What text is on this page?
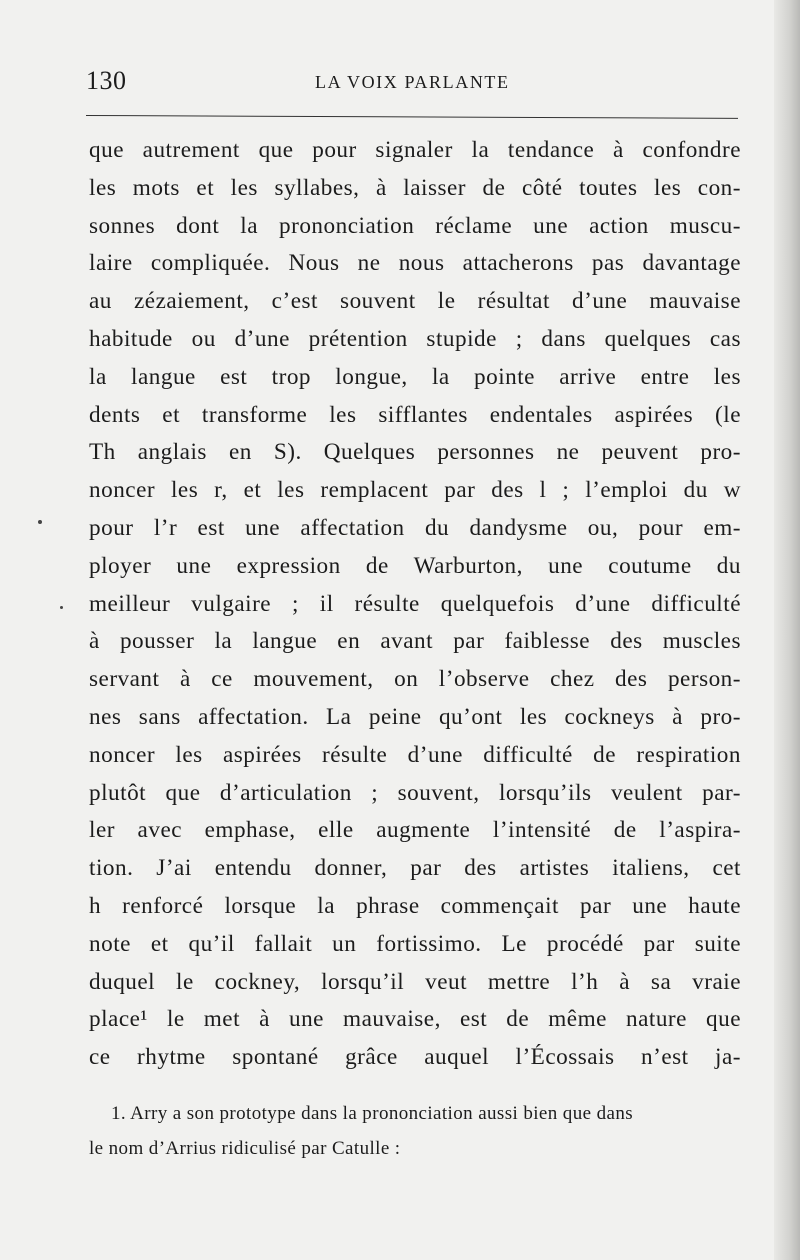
130	LA VOIX PARLANTE
que autrement que pour signaler la tendance à confondre
les mots et les syllabes, à laisser de côté toutes les con-
sonnes dont la prononciation réclame une action muscu-
laire compliquée. Nous ne nous attacherons pas davantage
au zézaiement, c’est souvent le résultat d’une mauvaise
habitude ou d’une prétention stupide ; dans quelques cas
la langue est trop longue, la pointe arrive entre les
dents et transforme les sifflantes endentales aspirées (le
Th anglais en S). Quelques personnes ne peuvent pro-
noncer les r, et les remplacent par des l ; l’emploi du w
pour l’r est une affectation du dandysme ou, pour em-
ployer une expression de Warburton, une coutume du
meilleur vulgaire ; il résulte quelquefois d’une difficulté
à pousser la langue en avant par faiblesse des muscles
servant à ce mouvement, on l’observe chez des person-
nes sans affectation. La peine qu’ont les cockneys à pro-
noncer les aspirées résulte d’une difficulté de respiration
plutôt que d’articulation ; souvent, lorsqu’ils veulent par-
ler avec emphase, elle augmente l’intensité de l’aspira-
tion. J’ai entendu donner, par des artistes italiens, cet
h renforcé lorsque la phrase commençait par une haute
note et qu’il fallait un fortissimo. Le procédé par suite
duquel le cockney, lorsqu’il veut mettre l’h à sa vraie
place¹ le met à une mauvaise, est de même nature que
ce rhytme spontané grâce auquel l’Écossais n’est ja-
1. Arry a son prototype dans la prononciation aussi bien que dans
le nom d’Arrius ridiculisé par Catulle :
